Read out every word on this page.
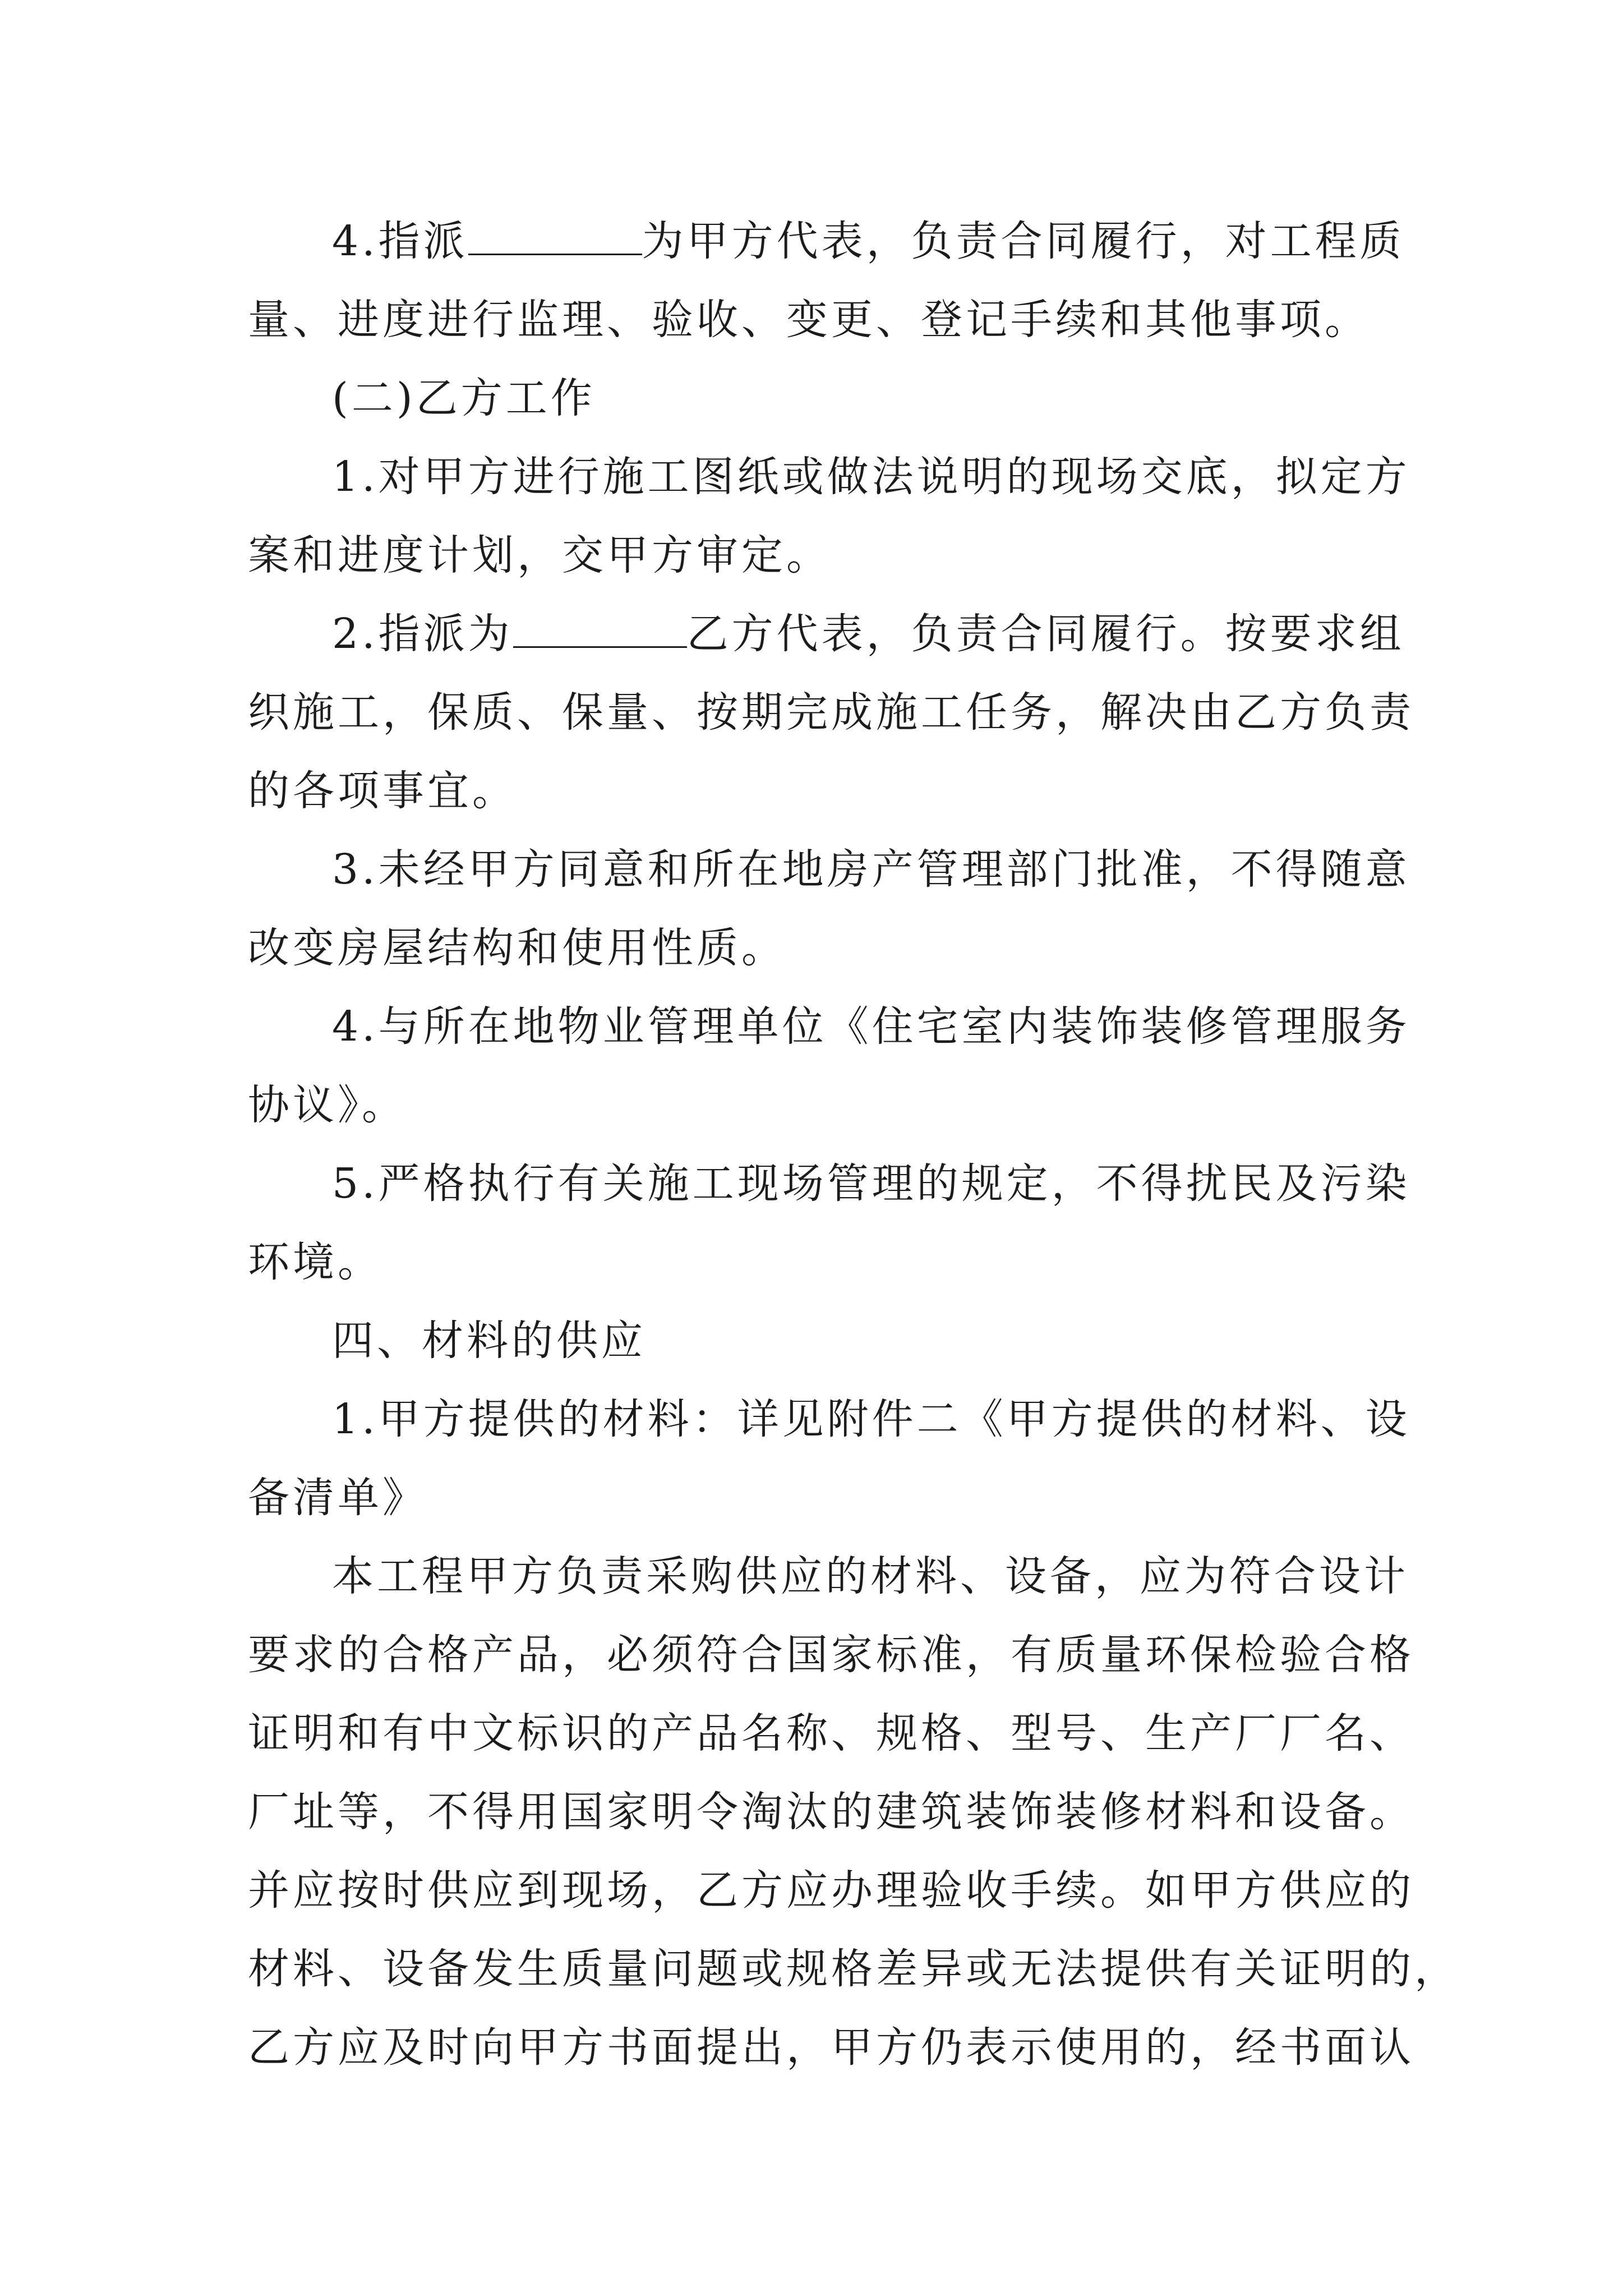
4.指派	为甲方代表，负责合同履行，对工程质
量、进度进行监理、验收、变更、登记手续和其他事项。

(二)乙方工作

1.对甲方进行施工图纸或做法说明的现场交底，拟定方
案和进度计划，交甲方审定。

2.指派为	乙方代表，负责合同履行。按要求组
织施工，保质、保量、按期完成施工任务，解决由乙方负责
的各项事宜。

3.未经甲方同意和所在地房产管理部门批准，不得随意
改变房屋结构和使用性质。

4.与所在地物业管理单位《住宅室内装饰装修管理服务
协议》。

5.严格执行有关施工现场管理的规定，不得扰民及污染
环境。

四、材料的供应

1.甲方提供的材料：详见附件二《甲方提供的材料、设
备清单》

本工程甲方负责采购供应的材料、设备，应为符合设计
要求的合格产品，必须符合国家标准，有质量环保检验合格
证明和有中文标识的产品名称、规格、型号、生产厂厂名、
厂址等，不得用国家明令淘汰的建筑装饰装修材料和设备。
并应按时供应到现场，乙方应办理验收手续。如甲方供应的
材料、设备发生质量问题或规格差异或无法提供有关证明的，
乙方应及时向甲方书面提出，甲方仍表示使用的，经书面认
